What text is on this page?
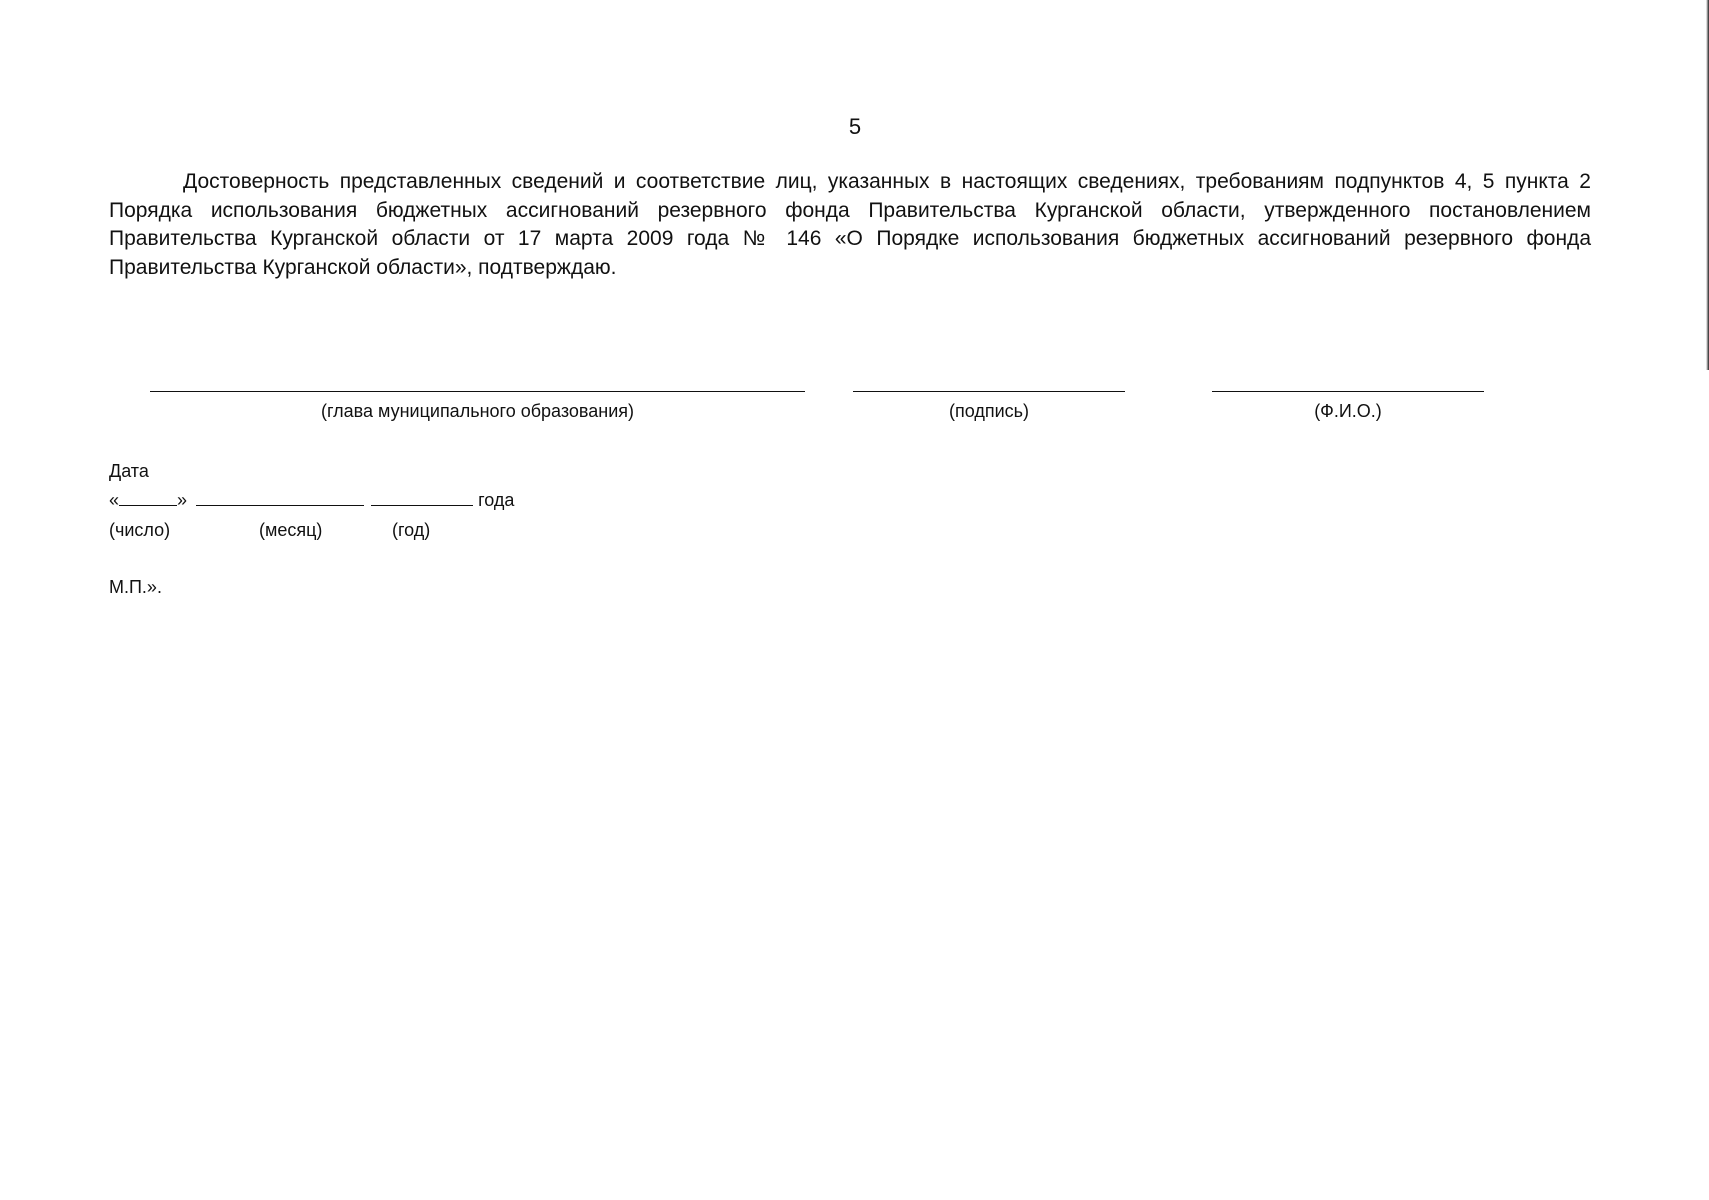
5

Достоверность представленных сведений и соответствие лиц, указанных в настоящих сведениях, требованиям подпунктов 4, 5 пункта 2 Порядка использования бюджетных ассигнований резервного фонда Правительства Курганской области, утвержденного постановлением Правительства Курганской области от 17 марта 2009 года № 146 «О Порядке использования бюджетных ассигнований резервного фонда Правительства Курганской области», подтверждаю.

(глава муниципального образования)	(подпись)	(Ф.И.О.)
Дата
«	»	года
(число)	(месяц)	(год)
М.П.».
